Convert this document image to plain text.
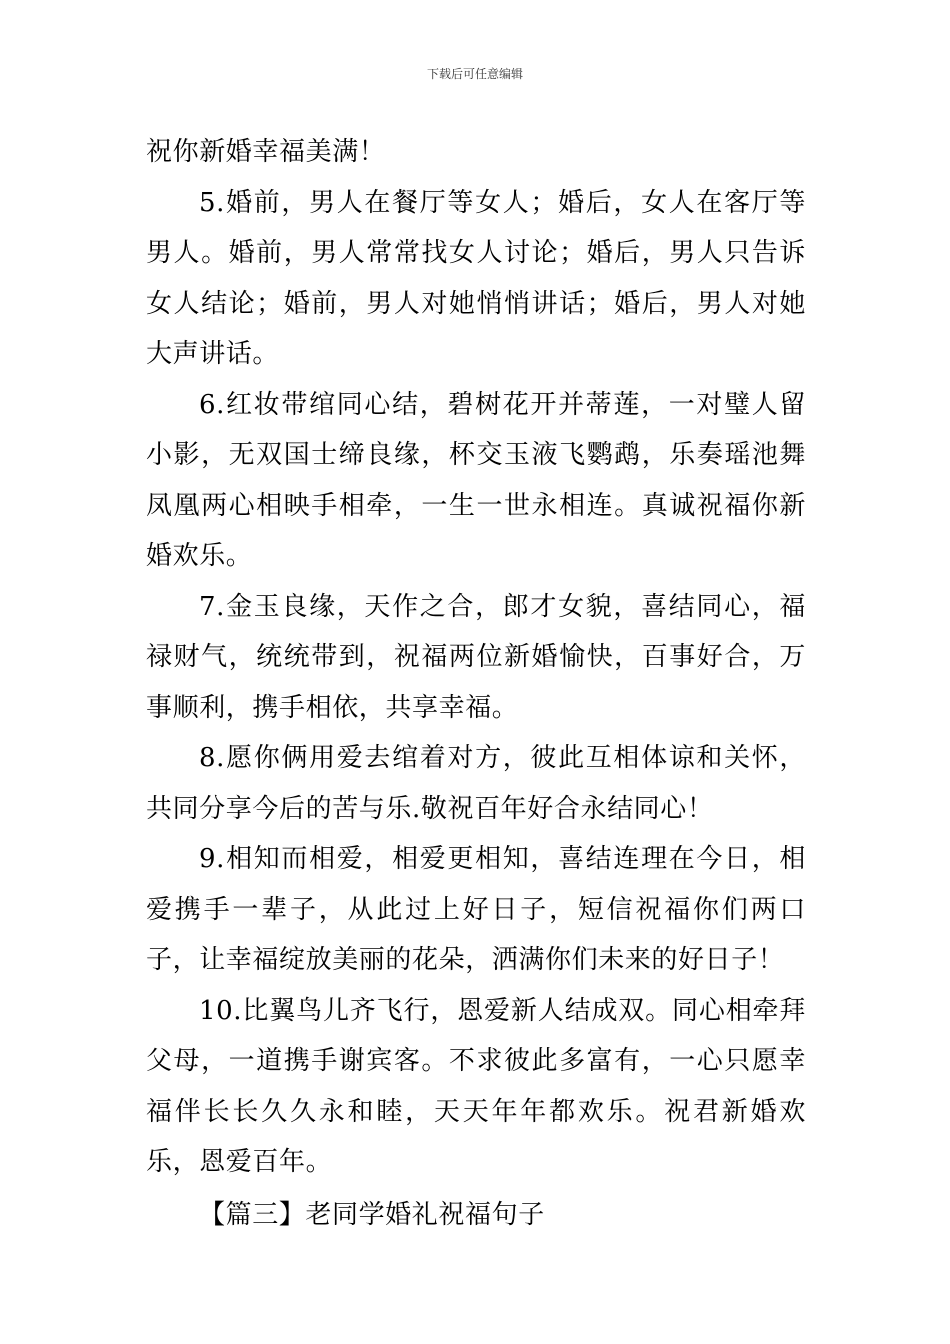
下载后可任意编辑

祝你新婚幸福美满！

5.婚前，男人在餐厅等女人；婚后，女人在客厅等男人。婚前，男人常常找女人讨论；婚后，男人只告诉女人结论；婚前，男人对她悄悄讲话；婚后，男人对她大声讲话。

6.红妆带绾同心结，碧树花开并蒂莲，一对璧人留小影，无双国士缔良缘，杯交玉液飞鹦鹉，乐奏瑶池舞凤凰两心相映手相牵，一生一世永相连。真诚祝福你新婚欢乐。

7.金玉良缘，天作之合，郎才女貌，喜结同心，福禄财气，统统带到，祝福两位新婚愉快，百事好合，万事顺利，携手相依，共享幸福。

8.愿你俩用爱去绾着对方，彼此互相体谅和关怀，共同分享今后的苦与乐.敬祝百年好合永结同心！

9.相知而相爱，相爱更相知，喜结连理在今日，相爱携手一辈子，从此过上好日子，短信祝福你们两口子，让幸福绽放美丽的花朵，洒满你们未来的好日子！

10.比翼鸟儿齐飞行，恩爱新人结成双。同心相牵拜父母，一道携手谢宾客。不求彼此多富有，一心只愿幸福伴长长久久永和睦，天天年年都欢乐。祝君新婚欢乐，恩爱百年。

【篇三】老同学婚礼祝福句子
